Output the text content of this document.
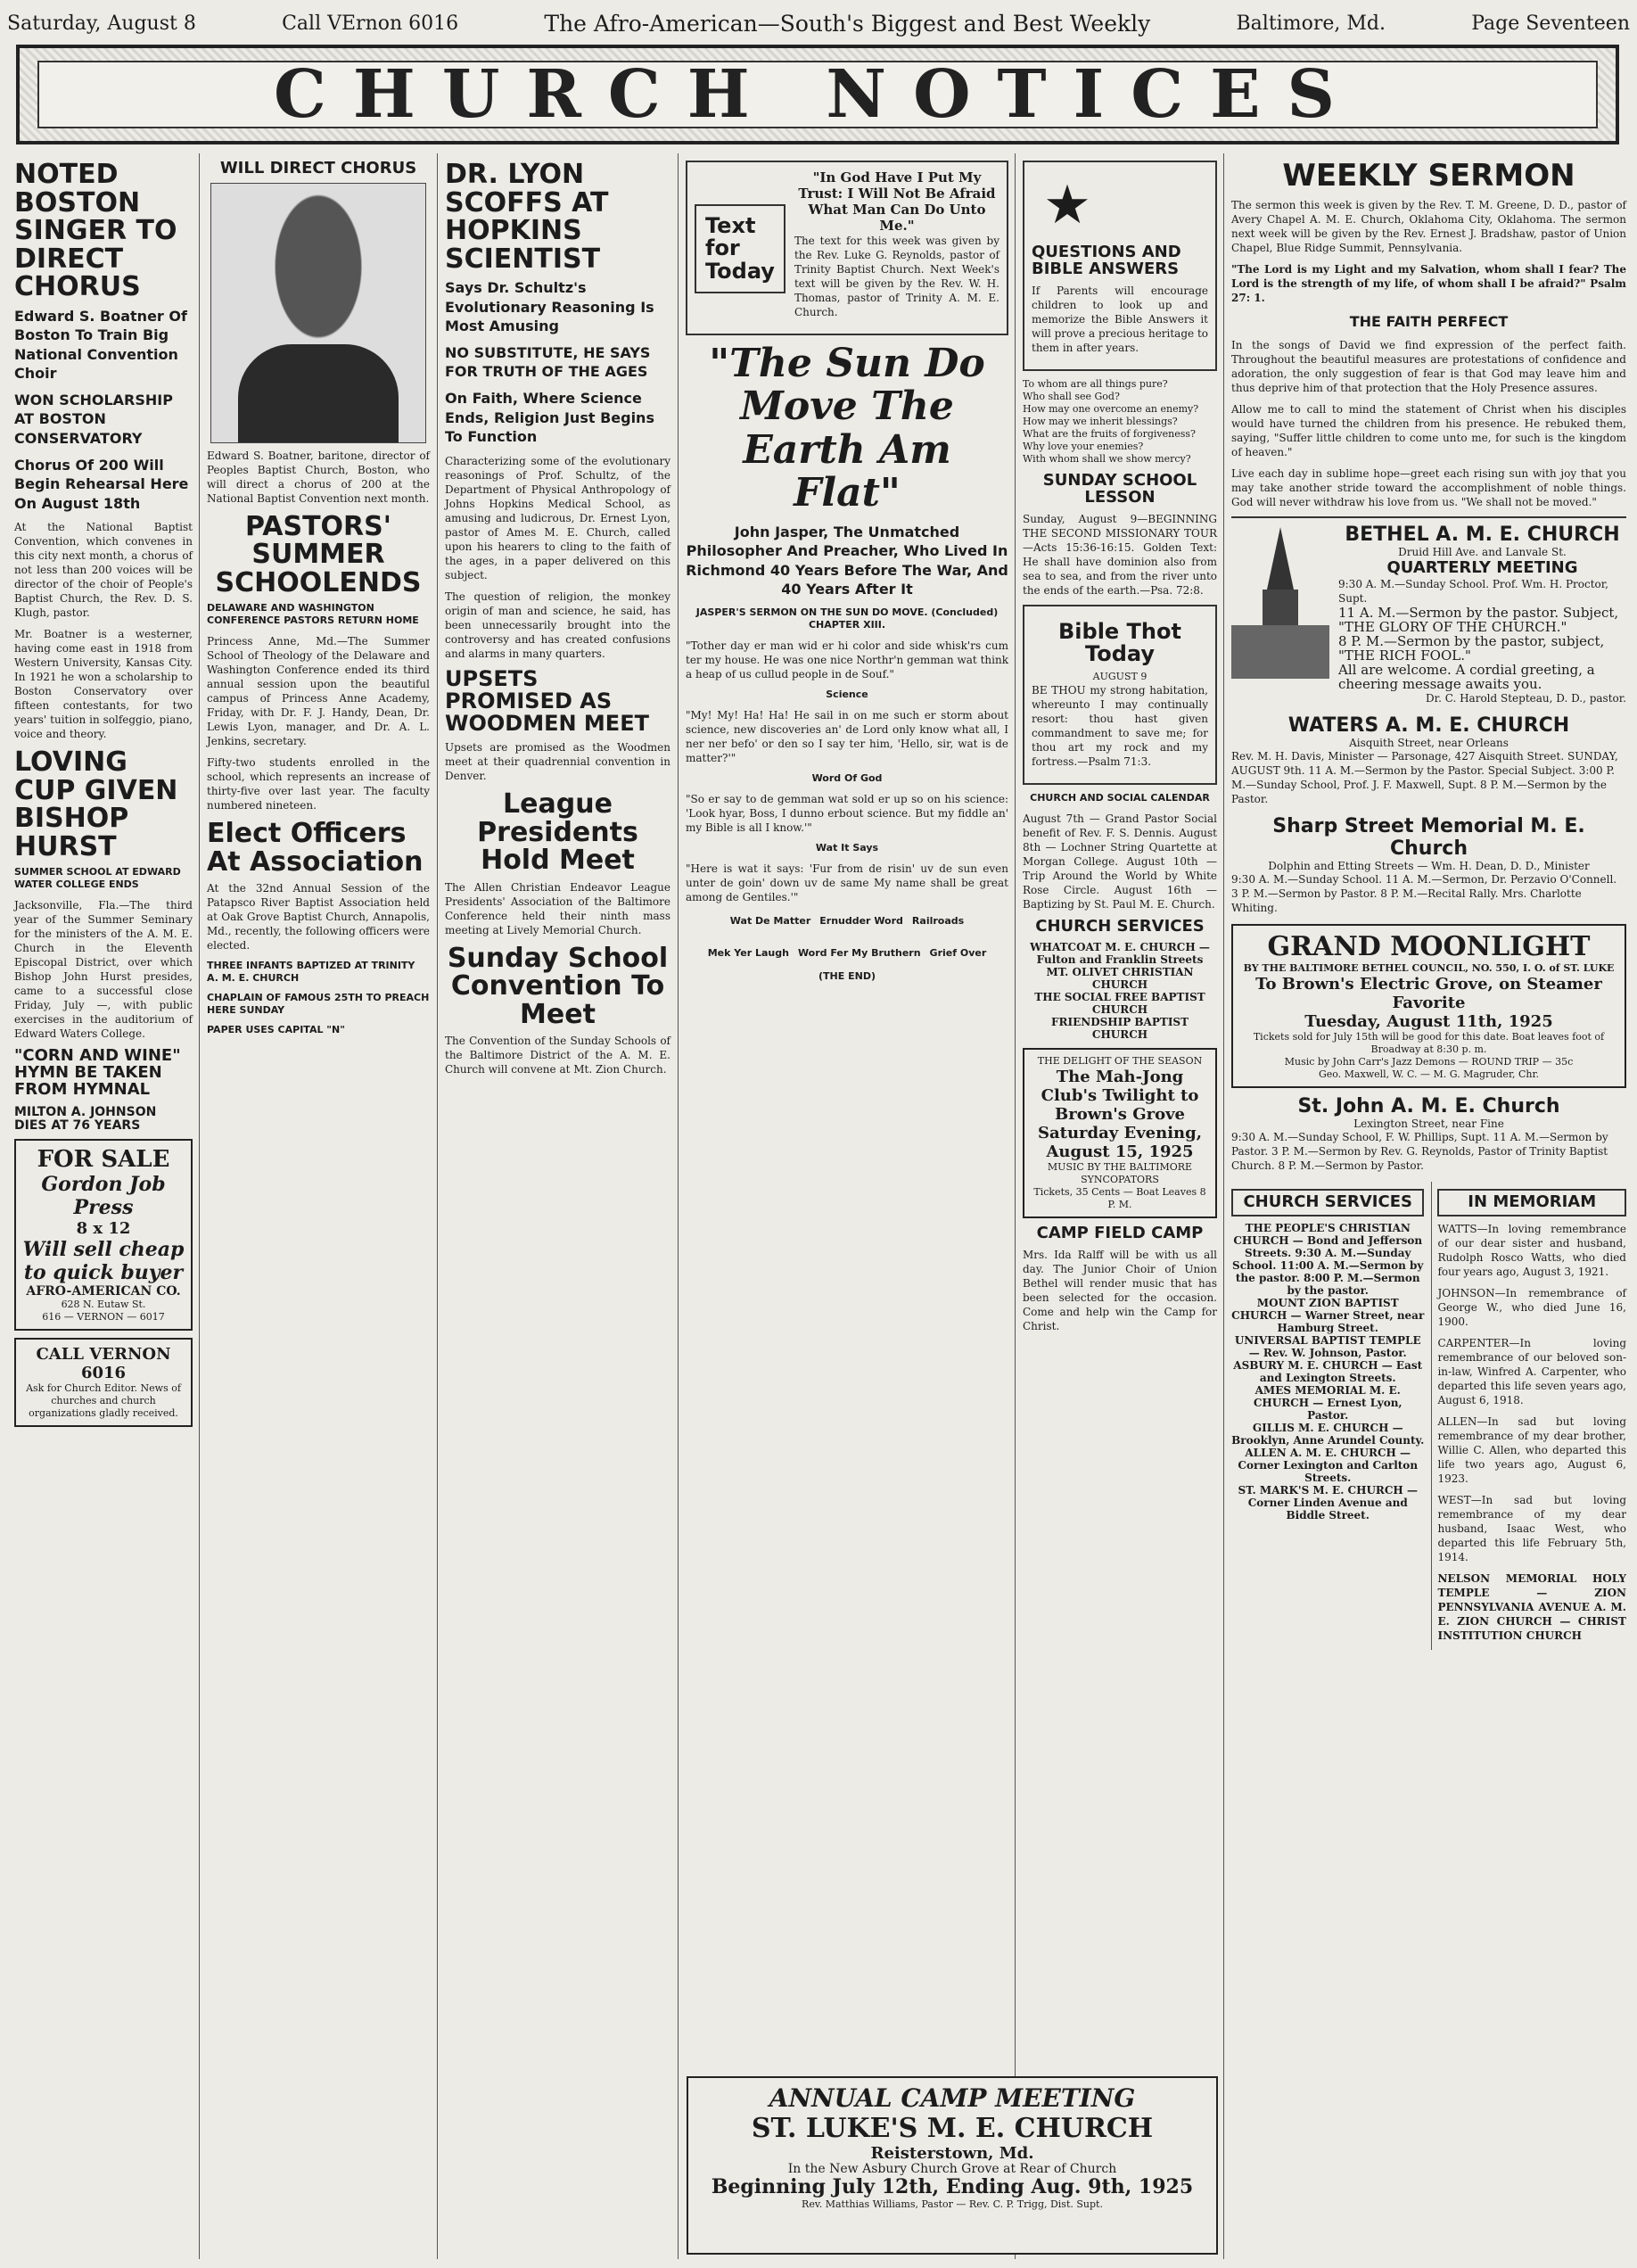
Saturday, August 8	Call VErnon 6016	The Afro-American—South's Biggest and Best Weekly	Baltimore, Md.	Page Seventeen
CHURCH NOTICES
NOTED BOSTON SINGER TO DIRECT CHORUS
Edward S. Boatner Of Boston To Train Big National Convention Choir
WON SCHOLARSHIP AT BOSTON CONSERVATORY
Chorus Of 200 Will Begin Rehearsal Here On August 18th

At the National Baptist Convention, which convenes in this city next month, a chorus of not less than 200 voices will be director of the choir of People's Baptist Church, the Rev. D. S. Klugh, pastor.

Mr. Boatner is a westerner, having come east in 1918 from Western University, Kansas City. In 1921 he won a scholarship to Boston Conservatory over fifteen contestants, for two years' tuition in solfeggio, piano, voice and theory.

LOVING CUP GIVEN BISHOP HURST
SUMMER SCHOOL AT EDWARD WATER COLLEGE ENDS

Jacksonville, Fla.—The third year of the Summer Seminary for the ministers of the A. M. E. Church in the Eleventh Episcopal District, over which Bishop John Hurst presides, came to a successful close Friday, July —, with public exercises in the auditorium of Edward Waters College.

"CORN AND WINE" HYMN BE TAKEN FROM HYMNAL
MILTON A. JOHNSON DIES AT 76 YEARS
FOR SALE
Gordon Job Press
8 x 12
Will sell cheap to quick buyer
AFRO-AMERICAN CO.
628 N. Eutaw St.
616 — VERNON — 6017
CALL VERNON 6016
Ask for Church Editor. News of churches and church organizations gladly received.
WILL DIRECT CHORUS

Edward S. Boatner, baritone, director of Peoples Baptist Church, Boston, who will direct a chorus of 200 at the National Baptist Convention next month.

PASTORS' SUMMER SCHOOLENDS
DELAWARE AND WASHINGTON CONFERENCE PASTORS RETURN HOME

Princess Anne, Md.—The Summer School of Theology of the Delaware and Washington Conference ended its third annual session upon the beautiful campus of Princess Anne Academy, Friday, with Dr. F. J. Handy, Dean, Dr. Lewis Lyon, manager, and Dr. A. L. Jenkins, secretary.

Fifty-two students enrolled in the school, which represents an increase of thirty-five over last year. The faculty numbered nineteen.

Elect Officers At Association

At the 32nd Annual Session of the Patapsco River Baptist Association held at Oak Grove Baptist Church, Annapolis, Md., recently, the following officers were elected.

THREE INFANTS BAPTIZED AT TRINITY A. M. E. CHURCH
CHAPLAIN OF FAMOUS 25TH TO PREACH HERE SUNDAY
PAPER USES CAPITAL "N"
DR. LYON SCOFFS AT HOPKINS SCIENTIST
Says Dr. Schultz's Evolutionary Reasoning Is Most Amusing
NO SUBSTITUTE, HE SAYS FOR TRUTH OF THE AGES
On Faith, Where Science Ends, Religion Just Begins To Function

Characterizing some of the evolutionary reasonings of Prof. Schultz, of the Department of Physical Anthropology of Johns Hopkins Medical School, as amusing and ludicrous, Dr. Ernest Lyon, pastor of Ames M. E. Church, called upon his hearers to cling to the faith of the ages, in a paper delivered on this subject.

The question of religion, the monkey origin of man and science, he said, has been unnecessarily brought into the controversy and has created confusions and alarms in many quarters.

UPSETS PROMISED AS WOODMEN MEET

Upsets are promised as the Woodmen meet at their quadrennial convention in Denver.

League Presidents Hold Meet

The Allen Christian Endeavor League Presidents' Association of the Baltimore Conference held their ninth mass meeting at Lively Memorial Church.

Sunday School Convention To Meet

The Convention of the Sunday Schools of the Baltimore District of the A. M. E. Church will convene at Mt. Zion Church.

Text for Today
"In God Have I Put My Trust: I Will Not Be Afraid What Man Can Do Unto Me."

The text for this week was given by the Rev. Luke G. Reynolds, pastor of Trinity Baptist Church. Next Week's text will be given by the Rev. W. H. Thomas, pastor of Trinity A. M. E. Church.

"The Sun Do Move The Earth Am Flat"
John Jasper, The Unmatched Philosopher And Preacher, Who Lived In Richmond 40 Years Before The War, And 40 Years After It
JASPER'S SERMON ON THE SUN DO MOVE. (Concluded) CHAPTER XIII.

"Tother day er man wid er hi color and side whisk'rs cum ter my house. He was one nice Northr'n gemman wat think a heap of us cullud people in de Souf."

Science

"My! My! Ha! Ha! He sail in on me such er storm about science, new discoveries an' de Lord only know what all, I ner ner befo' or den so I say ter him, 'Hello, sir, wat is de matter?'"

Word Of God

"So er say to de gemman wat sold er up so on his science: 'Look hyar, Boss, I dunno erbout science. But my fiddle an' my Bible is all I know.'"

Wat It Says

"Here is wat it says: 'Fur from de risin' uv de sun even unter de goin' down uv de same My name shall be great among de Gentiles.'"

Wat De Matter Ernudder Word Railroads
Mek Yer Laugh Word Fer My Bruthern Grief Over
(THE END)
★
QUESTIONS AND BIBLE ANSWERS

If Parents will encourage children to look up and memorize the Bible Answers it will prove a precious heritage to them in after years.

To whom are all things pure?
Who shall see God?
How may one overcome an enemy?
How may we inherit blessings?
What are the fruits of forgiveness?
Why love your enemies?
With whom shall we show mercy?
SUNDAY SCHOOL LESSON

Sunday, August 9—BEGINNING THE SECOND MISSIONARY TOUR—Acts 15:36-16:15. Golden Text: He shall have dominion also from sea to sea, and from the river unto the ends of the earth.—Psa. 72:8.

Bible Thot Today
AUGUST 9

BE THOU my strong habitation, whereunto I may continually resort: thou hast given commandment to save me; for thou art my rock and my fortress.—Psalm 71:3.

CHURCH AND SOCIAL CALENDAR

August 7th — Grand Pastor Social benefit of Rev. F. S. Dennis. August 8th — Lochner String Quartette at Morgan College. August 10th — Trip Around the World by White Rose Circle. August 16th — Baptizing by St. Paul M. E. Church.

CHURCH SERVICES
WHATCOAT M. E. CHURCH — Fulton and Franklin Streets
MT. OLIVET CHRISTIAN CHURCH
THE SOCIAL FREE BAPTIST CHURCH
FRIENDSHIP BAPTIST CHURCH
THE DELIGHT OF THE SEASON
The Mah-Jong Club's Twilight to Brown's Grove
Saturday Evening, August 15, 1925
MUSIC BY THE BALTIMORE SYNCOPATORS
Tickets, 35 Cents — Boat Leaves 8 P. M.
CAMP FIELD CAMP

Mrs. Ida Ralff will be with us all day. The Junior Choir of Union Bethel will render music that has been selected for the occasion. Come and help win the Camp for Christ.

ANNUAL CAMP MEETING
ST. LUKE'S M. E. CHURCH
Reisterstown, Md.
In the New Asbury Church Grove at Rear of Church
Beginning July 12th, Ending Aug. 9th, 1925
Rev. Matthias Williams, Pastor — Rev. C. P. Trigg, Dist. Supt.
WEEKLY SERMON

The sermon this week is given by the Rev. T. M. Greene, D. D., pastor of Avery Chapel A. M. E. Church, Oklahoma City, Oklahoma. The sermon next week will be given by the Rev. Ernest J. Bradshaw, pastor of Union Chapel, Blue Ridge Summit, Pennsylvania.

"The Lord is my Light and my Salvation, whom shall I fear? The Lord is the strength of my life, of whom shall I be afraid?" Psalm 27: 1.

THE FAITH PERFECT

In the songs of David we find expression of the perfect faith. Throughout the beautiful measures are protestations of confidence and adoration, the only suggestion of fear is that God may leave him and thus deprive him of that protection that the Holy Presence assures.

Allow me to call to mind the statement of Christ when his disciples would have turned the children from his presence. He rebuked them, saying, "Suffer little children to come unto me, for such is the kingdom of heaven."

Live each day in sublime hope—greet each rising sun with joy that you may take another stride toward the accomplishment of noble things. God will never withdraw his love from us. "We shall not be moved."

BETHEL A. M. E. CHURCH
Druid Hill Ave. and Lanvale St.
QUARTERLY MEETING
9:30 A. M.—Sunday School. Prof. Wm. H. Proctor, Supt.
11 A. M.—Sermon by the pastor. Subject, "THE GLORY OF THE CHURCH."
8 P. M.—Sermon by the pastor, subject, "THE RICH FOOL."
All are welcome. A cordial greeting, a cheering message awaits you.
Dr. C. Harold Stepteau, D. D., pastor.
WATERS A. M. E. CHURCH
Aisquith Street, near Orleans
Rev. M. H. Davis, Minister — Parsonage, 427 Aisquith Street. SUNDAY, AUGUST 9th. 11 A. M.—Sermon by the Pastor. Special Subject. 3:00 P. M.—Sunday School, Prof. J. F. Maxwell, Supt. 8 P. M.—Sermon by the Pastor.
Sharp Street Memorial M. E. Church
Dolphin and Etting Streets — Wm. H. Dean, D. D., Minister
9:30 A. M.—Sunday School. 11 A. M.—Sermon, Dr. Perzavio O'Connell. 3 P. M.—Sermon by Pastor. 8 P. M.—Recital Rally. Mrs. Charlotte Whiting.
GRAND MOONLIGHT
BY THE BALTIMORE BETHEL COUNCIL, NO. 550, I. O. of ST. LUKE
To Brown's Electric Grove, on Steamer Favorite
Tuesday, August 11th, 1925
Tickets sold for July 15th will be good for this date. Boat leaves foot of Broadway at 8:30 p. m.
Music by John Carr's Jazz Demons — ROUND TRIP — 35c
Geo. Maxwell, W. C. — M. G. Magruder, Chr.
St. John A. M. E. Church
Lexington Street, near Fine
9:30 A. M.—Sunday School, F. W. Phillips, Supt. 11 A. M.—Sermon by Pastor. 3 P. M.—Sermon by Rev. G. Reynolds, Pastor of Trinity Baptist Church. 8 P. M.—Sermon by Pastor.
CHURCH SERVICES
THE PEOPLE'S CHRISTIAN CHURCH — Bond and Jefferson Streets. 9:30 A. M.—Sunday School. 11:00 A. M.—Sermon by the pastor. 8:00 P. M.—Sermon by the pastor.
MOUNT ZION BAPTIST CHURCH — Warner Street, near Hamburg Street.
UNIVERSAL BAPTIST TEMPLE — Rev. W. Johnson, Pastor.
ASBURY M. E. CHURCH — East and Lexington Streets.
AMES MEMORIAL M. E. CHURCH — Ernest Lyon, Pastor.
GILLIS M. E. CHURCH — Brooklyn, Anne Arundel County.
ALLEN A. M. E. CHURCH — Corner Lexington and Carlton Streets.
ST. MARK'S M. E. CHURCH — Corner Linden Avenue and Biddle Street.
IN MEMORIAM

WATTS—In loving remembrance of our dear sister and husband, Rudolph Rosco Watts, who died four years ago, August 3, 1921.

JOHNSON—In remembrance of George W., who died June 16, 1900.

CARPENTER—In loving remembrance of our beloved son-in-law, Winfred A. Carpenter, who departed this life seven years ago, August 6, 1918.

ALLEN—In sad but loving remembrance of my dear brother, Willie C. Allen, who departed this life two years ago, August 6, 1923.

WEST—In sad but loving remembrance of my dear husband, Isaac West, who departed this life February 5th, 1914.

NELSON MEMORIAL HOLY TEMPLE — ZION PENNSYLVANIA AVENUE A. M. E. ZION CHURCH — CHRIST INSTITUTION CHURCH
